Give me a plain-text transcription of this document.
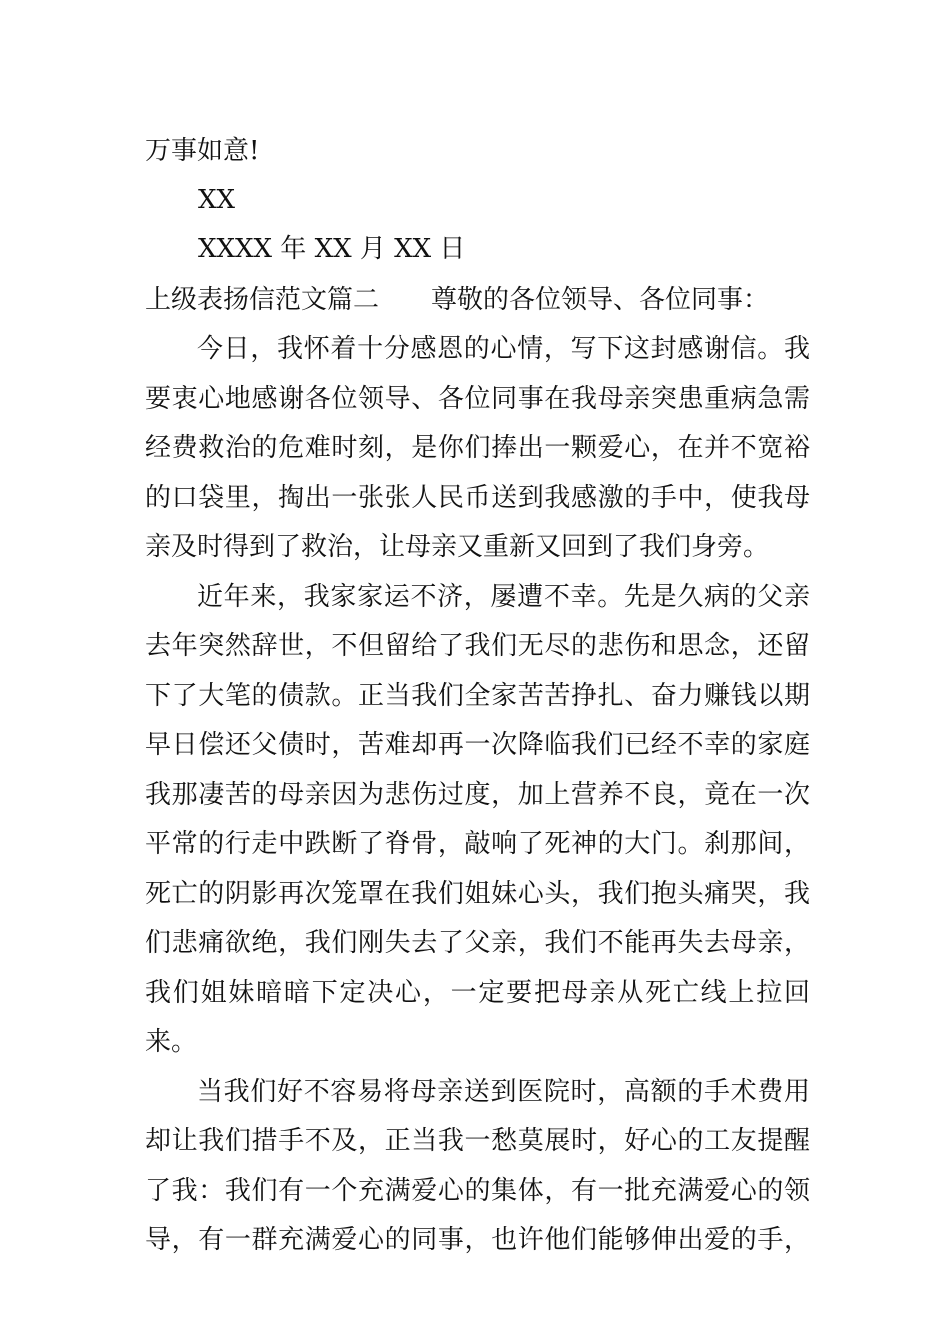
万事如意!
XX
XXXX 年 XX 月 XX 日
上级表扬信范文篇二 尊敬的各位领导、各位同事：

今日，我怀着十分感恩的心情，写下这封感谢信。我要衷心地感谢各位领导、各位同事在我母亲突患重病急需经费救治的危难时刻，是你们捧出一颗爱心，在并不宽裕的口袋里，掏出一张张人民币送到我感激的手中，使我母亲及时得到了救治，让母亲又重新又回到了我们身旁。

近年来，我家家运不济，屡遭不幸。先是久病的父亲去年突然辞世，不但留给了我们无尽的悲伤和思念，还留下了大笔的债款。正当我们全家苦苦挣扎、奋力赚钱以期早日偿还父债时，苦难却再一次降临我们已经不幸的家庭我那凄苦的母亲因为悲伤过度，加上营养不良，竟在一次平常的行走中跌断了脊骨，敲响了死神的大门。刹那间，死亡的阴影再次笼罩在我们姐妹心头，我们抱头痛哭，我们悲痛欲绝，我们刚失去了父亲，我们不能再失去母亲，我们姐妹暗暗下定决心，一定要把母亲从死亡线上拉回来。

当我们好不容易将母亲送到医院时，高额的手术费用却让我们措手不及，正当我一愁莫展时，好心的工友提醒了我：我们有一个充满爱心的集体，有一批充满爱心的领导，有一群充满爱心的同事，也许他们能够伸出爱的手，
